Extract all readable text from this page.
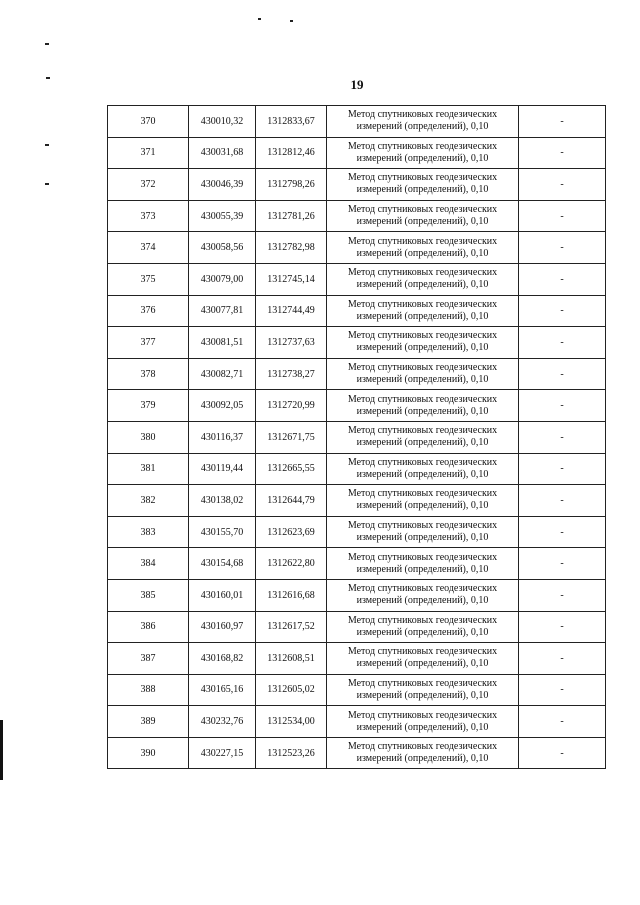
19
370	430010,32	1312833,67	Метод спутниковых геодезических измерений (определений), 0,10	-
371	430031,68	1312812,46	Метод спутниковых геодезических измерений (определений), 0,10	-
372	430046,39	1312798,26	Метод спутниковых геодезических измерений (определений), 0,10	-
373	430055,39	1312781,26	Метод спутниковых геодезических измерений (определений), 0,10	-
374	430058,56	1312782,98	Метод спутниковых геодезических измерений (определений), 0,10	-
375	430079,00	1312745,14	Метод спутниковых геодезических измерений (определений), 0,10	-
376	430077,81	1312744,49	Метод спутниковых геодезических измерений (определений), 0,10	-
377	430081,51	1312737,63	Метод спутниковых геодезических измерений (определений), 0,10	-
378	430082,71	1312738,27	Метод спутниковых геодезических измерений (определений), 0,10	-
379	430092,05	1312720,99	Метод спутниковых геодезических измерений (определений), 0,10	-
380	430116,37	1312671,75	Метод спутниковых геодезических измерений (определений), 0,10	-
381	430119,44	1312665,55	Метод спутниковых геодезических измерений (определений), 0,10	-
382	430138,02	1312644,79	Метод спутниковых геодезических измерений (определений), 0,10	-
383	430155,70	1312623,69	Метод спутниковых геодезических измерений (определений), 0,10	-
384	430154,68	1312622,80	Метод спутниковых геодезических измерений (определений), 0,10	-
385	430160,01	1312616,68	Метод спутниковых геодезических измерений (определений), 0,10	-
386	430160,97	1312617,52	Метод спутниковых геодезических измерений (определений), 0,10	-
387	430168,82	1312608,51	Метод спутниковых геодезических измерений (определений), 0,10	-
388	430165,16	1312605,02	Метод спутниковых геодезических измерений (определений), 0,10	-
389	430232,76	1312534,00	Метод спутниковых геодезических измерений (определений), 0,10	-
390	430227,15	1312523,26	Метод спутниковых геодезических измерений (определений), 0,10	-
